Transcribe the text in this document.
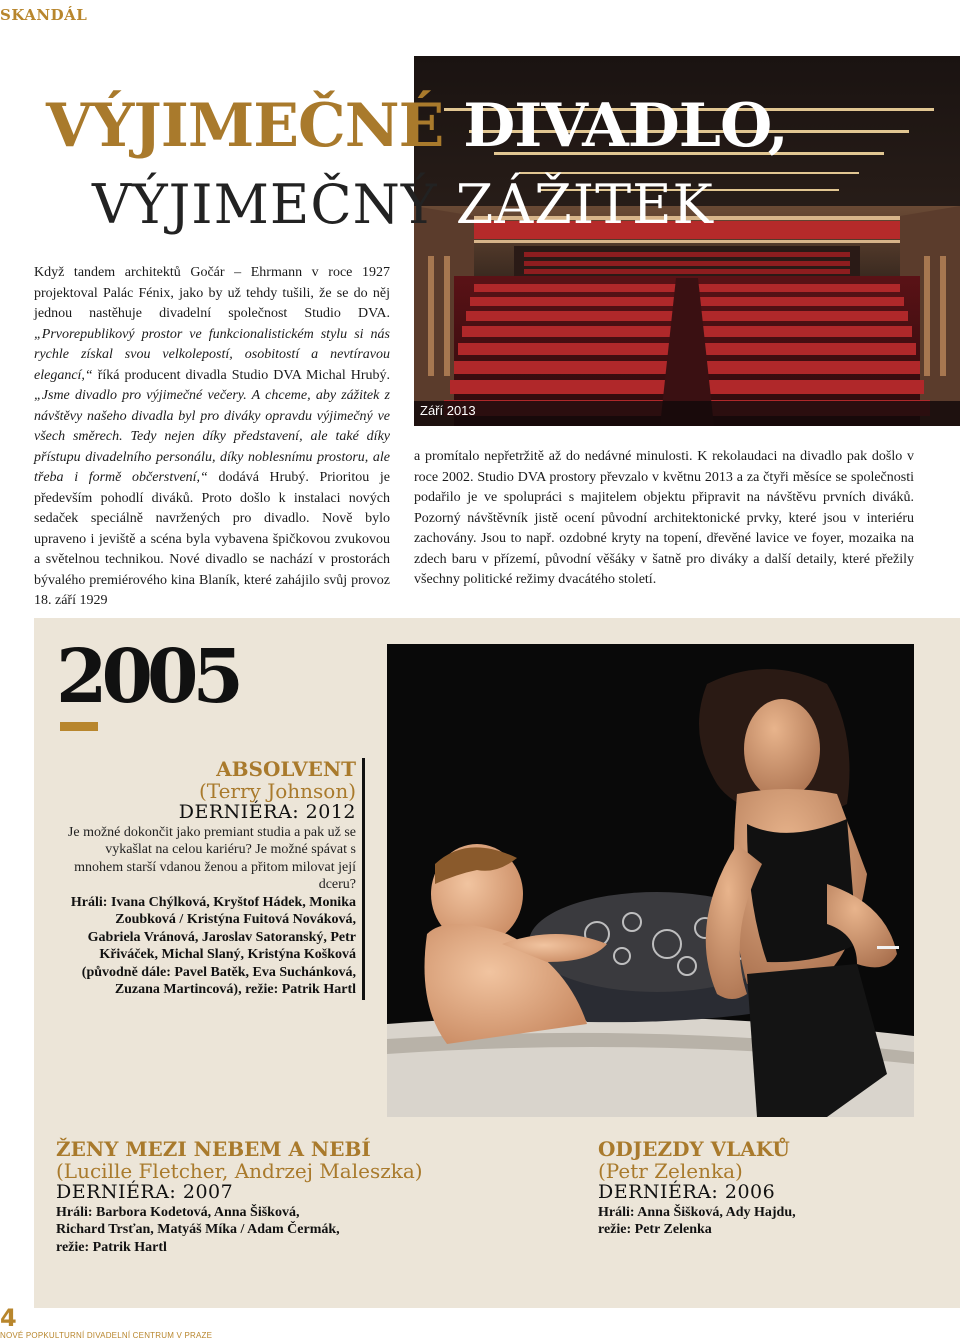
SKANDÁL
Září 2013
VÝJIMEČNÉ DIVADLO,
VÝJIMEČNÝ ZÁŽITEK

Když tandem architektů Gočár – Ehrmann v roce 1927 projektoval Palác Fénix, jako by už tehdy tušili, že se do něj jednou nastěhuje divadelní společnost Studio DVA. „Prvorepublikový prostor ve funkcionalistickém stylu si nás rychle získal svou velkolepostí, osobitostí a nevtíravou elegancí,“ říká producent divadla Studio DVA Michal Hrubý. „Jsme divadlo pro výjimečné večery. A chceme, aby zážitek z návštěvy našeho divadla byl pro diváky opravdu výjimečný ve všech směrech. Tedy nejen díky představení, ale také díky přístupu divadelního personálu, díky noblesnímu prostoru, ale třeba i formě občerstvení,“ dodává Hrubý. Prioritou je především pohodlí diváků. Proto došlo k instalaci nových sedaček speciálně navržených pro divadlo. Nově bylo upraveno i jeviště a scéna byla vybavena špičkovou zvukovou a světelnou technikou. Nové divadlo se nachází v prostorách bývalého premiérového kina Blaník, které zahájilo svůj provoz 18. září 1929

a promítalo nepřetržitě až do nedávné minulosti. K rekolaudaci na divadlo pak došlo v roce 2002. Studio DVA prostory převzalo v květnu 2013 a za čtyři měsíce se společnosti podařilo je ve spolupráci s majitelem objektu připravit na návštěvu prvních diváků. Pozorný návštěvník jistě ocení původní architektonické prvky, které jsou v interiéru zachovány. Jsou to např. ozdobné kryty na topení, dřevěné lavice ve foyer, mozaika na zdech baru v přízemí, původní věšáky v šatně pro diváky a další detaily, které přežily všechny politické režimy dvacátého století.

2005
ABSOLVENT
(Terry Johnson)
DERNIÉRA: 2012
Je možné dokončit jako premiant studia a pak už se vykašlat na celou kariéru? Je možné spávat s mnohem starší vdanou ženou a přitom milovat její dceru?
Hráli: Ivana Chýlková, Kryštof Hádek, Monika Zoubková / Kristýna Fuitová Nováková, Gabriela Vránová, Jaroslav Satoranský, Petr Křiváček, Michal Slaný, Kristýna Košková (původně dále: Pavel Batěk, Eva Suchánková, Zuzana Martincová), režie: Patrik Hartl
ŽENY MEZI NEBEM A NEBÍ
(Lucille Fletcher, Andrzej Maleszka)
DERNIÉRA: 2007
Hráli: Barbora Kodetová, Anna Šišková,
Richard Trsťan, Matyáš Míka / Adam Čermák,
režie: Patrik Hartl
ODJEZDY VLAKŮ
(Petr Zelenka)
DERNIÉRA: 2006
Hráli: Anna Šišková, Ady Hajdu,
režie: Petr Zelenka
4
NOVÉ POPKULTURNÍ DIVADELNÍ CENTRUM V PRAZE
